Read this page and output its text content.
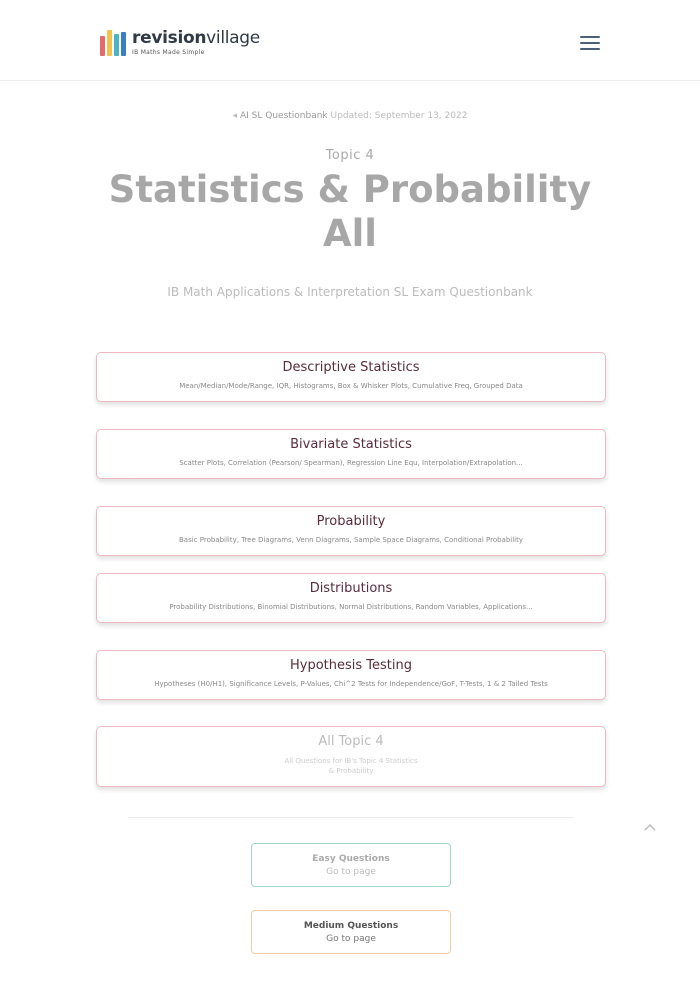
revisionvillage
IB Maths Made Simple
◂ AI SL Questionbank Updated: September 13, 2022
Topic 4
Statistics & Probability
All
IB Math Applications & Interpretation SL Exam Questionbank
Descriptive Statistics
Mean/Median/Mode/Range, IQR, Histograms, Box & Whisker Plots, Cumulative Freq, Grouped Data
Bivariate Statistics
Scatter Plots, Correlation (Pearson/ Spearman), Regression Line Equ, Interpolation/Extrapolation...
Probability
Basic Probability, Tree Diagrams, Venn Diagrams, Sample Space Diagrams, Conditional Probability
Distributions
Probability Distributions, Binomial Distributions, Normal Distributions, Random Variables, Applications...
Hypothesis Testing
Hypotheses (H0/H1), Significance Levels, P-Values, Chi^2 Tests for Independence/GoF, T-Tests, 1 & 2 Tailed Tests
All Topic 4
All Questions for IB's Topic 4 Statistics & Probability
Easy Questions
Go to page
Medium Questions
Go to page
